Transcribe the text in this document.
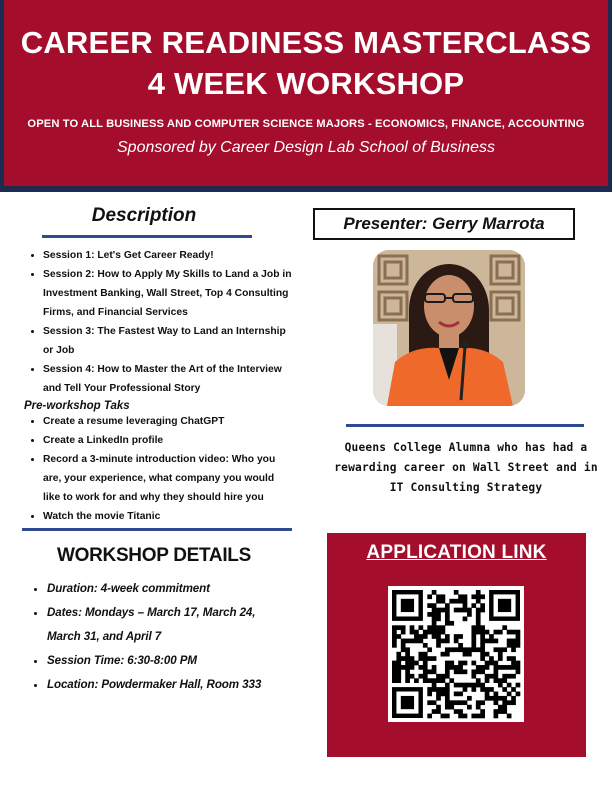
CAREER READINESS MASTERCLASS 4 WEEK WORKSHOP
OPEN TO ALL BUSINESS AND COMPUTER SCIENCE MAJORS - ECONOMICS, FINANCE, ACCOUNTING
Sponsored by Career Design Lab School of Business
Description
• Session 1: Let's Get Career Ready!
• Session 2: How to Apply My Skills to Land a Job in Investment Banking, Wall Street, Top 4 Consulting Firms, and Financial Services
• Session 3: The Fastest Way to Land an Internship or Job
• Session 4: How to Master the Art of the Interview and Tell Your Professional Story
Pre-workshop Taks
• Create a resume leveraging ChatGPT
• Create a LinkedIn profile
• Record a 3-minute introduction video: Who you are, your experience, what company you would like to work for and why they should hire you
• Watch the movie Titanic
WORKSHOP DETAILS
• Duration: 4-week commitment
• Dates: Mondays – March 17, March 24, March 31, and April 7
• Session Time: 6:30-8:00 PM
• Location: Powdermaker Hall, Room 333
Presenter: Gerry Marrota
Queens College Alumna who has had a rewarding career on Wall Street and in IT Consulting Strategy
APPLICATION LINK
